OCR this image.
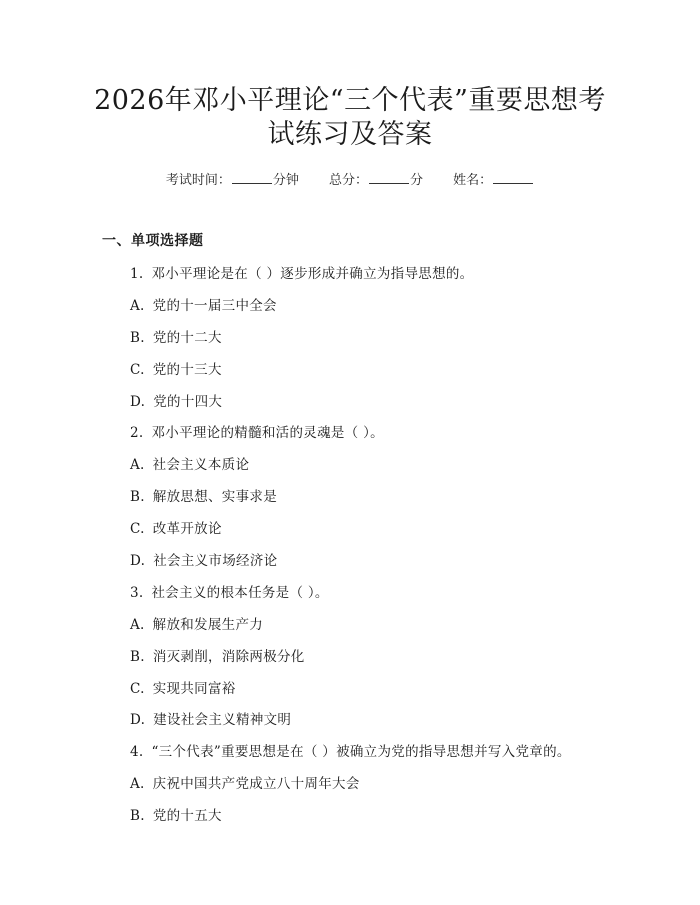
2026年邓小平理论“三个代表”重要思想考
试练习及答案
考试时间：	分钟 总分：	分 姓名：
一、单项选择题
1. 邓小平理论是在（ ）逐步形成并确立为指导思想的。
A. 党的十一届三中全会
B. 党的十二大
C. 党的十三大
D. 党的十四大
2. 邓小平理论的精髓和活的灵魂是（ ）。
A. 社会主义本质论
B. 解放思想、实事求是
C. 改革开放论
D. 社会主义市场经济论
3. 社会主义的根本任务是（ ）。
A. 解放和发展生产力
B. 消灭剥削，消除两极分化
C. 实现共同富裕
D. 建设社会主义精神文明
4. “三个代表”重要思想是在（ ）被确立为党的指导思想并写入党章的。
A. 庆祝中国共产党成立八十周年大会
B. 党的十五大
